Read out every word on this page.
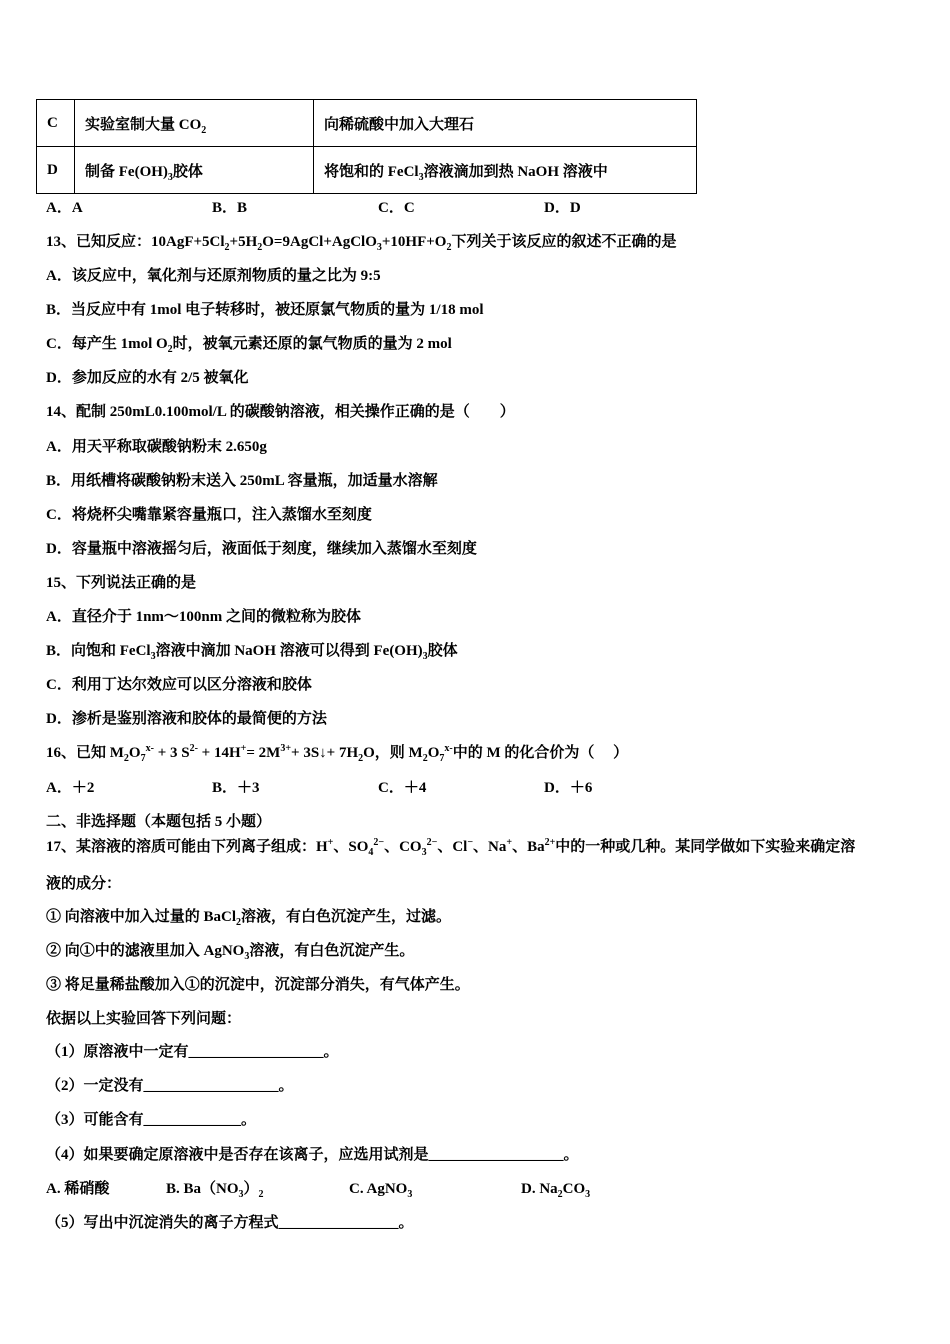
C	实验室制大量 $CO_2$	向稀硫酸中加入大理石
D	制备 $Fe(OH)_3$胶体	将饱和的 FeCl$_3$溶液滴加到热 NaOH 溶液中
A．A	B．B	C．C	D．D
13、已知反应：$10AgF+5Cl_2+5H_2O=9AgCl+AgClO_3+10HF+O_2$下列关于该反应的叙述不正确的是
A．该反应中，氧化剂与还原剂物质的量之比为 9:5
B．当反应中有 1mol 电子转移时，被还原氯气物质的量为 1/18 mol
C．每产生 1mol $O_2$时，被氧元素还原的氯气物质的量为 2 mol
D．参加反应的水有 2/5 被氧化
14、配制 250mL0.100mol/L 的碳酸钠溶液，相关操作正确的是（　　）
A．用天平称取碳酸钠粉末 2.650g
B．用纸槽将碳酸钠粉末送入 250mL 容量瓶，加适量水溶解
C．将烧杯尖嘴靠紧容量瓶口，注入蒸馏水至刻度
D．容量瓶中溶液摇匀后，液面低于刻度，继续加入蒸馏水至刻度
15、下列说法正确的是
A．直径介于 1nm～100nm 之间的微粒称为胶体
B．向饱和 FeCl$_3$溶液中滴加 NaOH 溶液可以得到 $Fe(OH)_3$胶体
C．利用丁达尔效应可以区分溶液和胶体
D．渗析是鉴别溶液和胶体的最简便的方法
16、已知 $M_2O_7^{x-} + 3$ $S^{2-} + 14H^+= 2M^{3+}+$ 3S↓+ $7H_2O$，则 $M_2O_7^{x-}$中的 M 的化合价为（　 ）
A．＋2	B．＋3	C．＋4	D．＋6
二、非选择题（本题包括 5 小题）
17、某溶液的溶质可能由下列离子组成：H+、$SO_4^{2-}$、$CO_3^{2-}$、Cl−、Na+、$Ba^{2+}$中的一种或几种。某同学做如下实验来确定溶
液的成分：
① 向溶液中加入过量的 BaCl$_2$溶液，有白色沉淀产生，过滤。
② 向①中的滤液里加入 AgNO$_3$溶液，有白色沉淀产生。
③ 将足量稀盐酸加入①的沉淀中，沉淀部分消失，有气体产生。
依据以上实验回答下列问题：
（1）原溶液中一定有__________________。
（2）一定没有__________________。
（3）可能含有_____________。
（4）如果要确定原溶液中是否存在该离子，应选用试剂是__________________。
A. 稀硝酸	B. $Ba(NO_3)_2$	C. AgNO$_3$	D. $Na_2CO_3$
（5）写出中沉淀消失的离子方程式________________。
